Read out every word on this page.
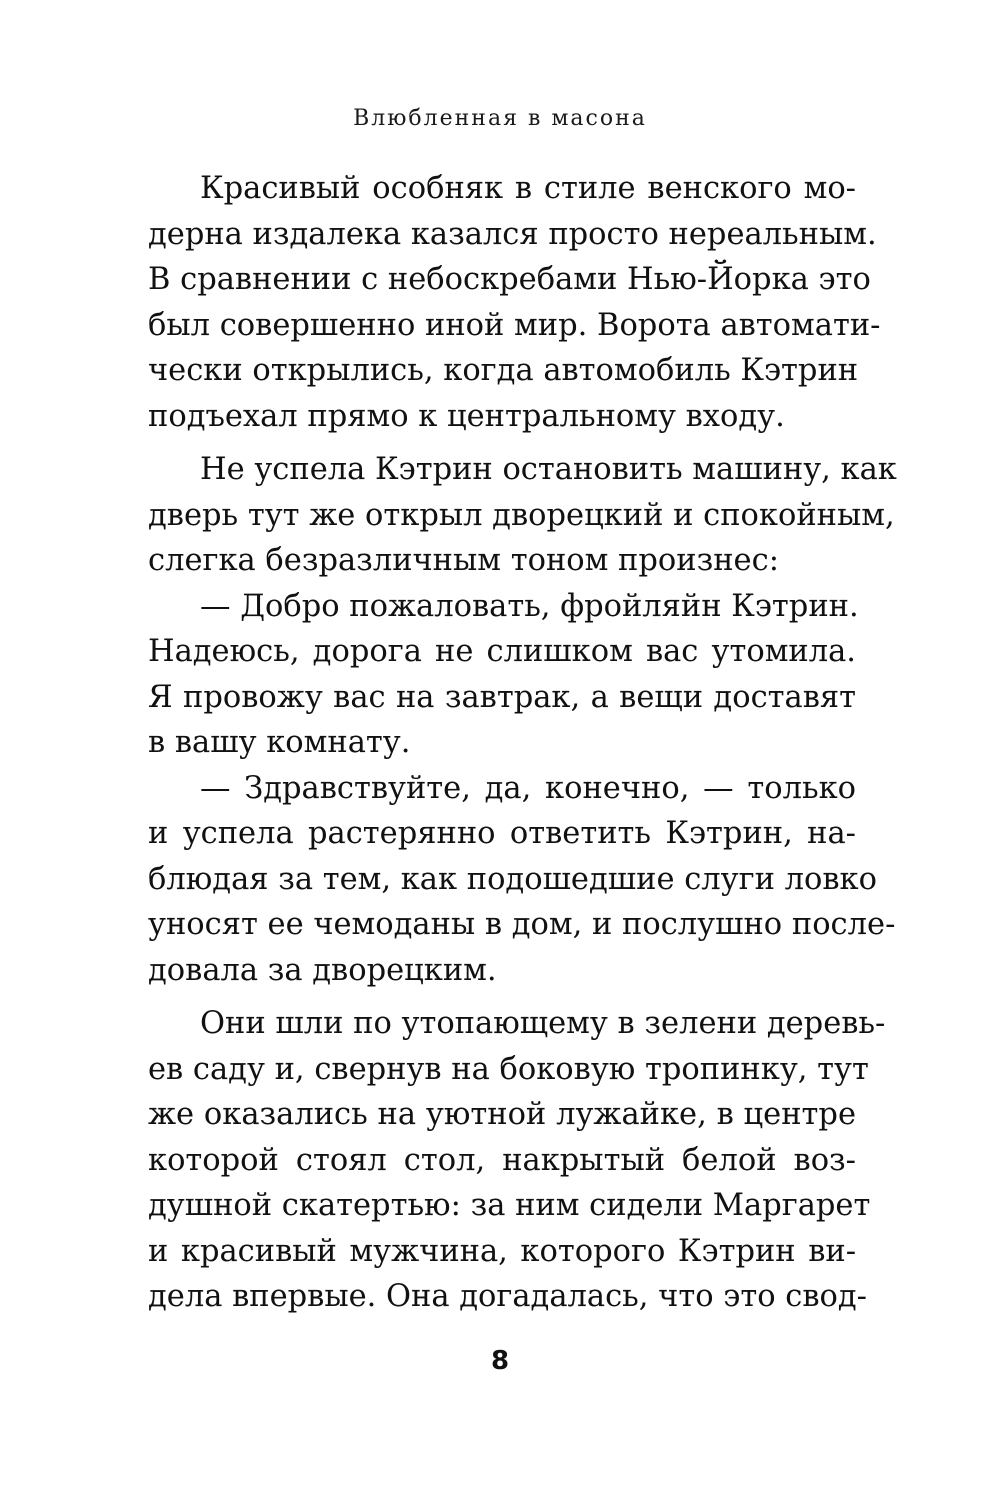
Влюбленная в масона
Красивый особняк в стиле венского мо-
дерна издалека казался просто нереальным.
В сравнении с небоскребами Нью-Йорка это
был совершенно иной мир. Ворота автомати-
чески открылись, когда автомобиль Кэтрин
подъехал прямо к центральному входу.
Не успела Кэтрин остановить машину, как
дверь тут же открыл дворецкий и спокойным,
слегка безразличным тоном произнес:
— Добро пожаловать, фройляйн Кэтрин.
Надеюсь, дорога не слишком вас утомила.
Я провожу вас на завтрак, а вещи доставят
в вашу комнату.
— Здравствуйте, да, конечно, — только
и успела растерянно ответить Кэтрин, на-
блюдая за тем, как подошедшие слуги ловко
уносят ее чемоданы в дом, и послушно после-
довала за дворецким.
Они шли по утопающему в зелени деревь-
ев саду и, свернув на боковую тропинку, тут
же оказались на уютной лужайке, в центре
которой стоял стол, накрытый белой воз-
душной скатертью: за ним сидели Маргарет
и красивый мужчина, которого Кэтрин ви-
дела впервые. Она догадалась, что это свод-
8
